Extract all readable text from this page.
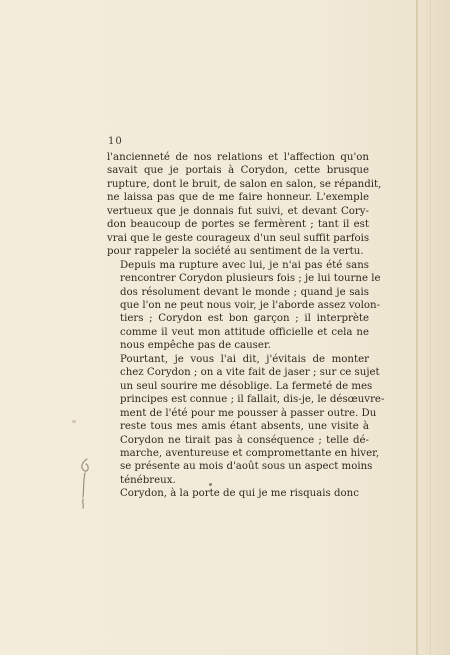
10

l'ancienneté de nos relations et l'affection qu'on
savait que je portais à Corydon, cette brusque
rupture, dont le bruit, de salon en salon, se répandit,
ne laissa pas que de me faire honneur. L'exemple
vertueux que je donnais fut suivi, et devant Cory-
don beaucoup de portes se fermèrent ; tant il est
vrai que le geste courageux d'un seul suffit parfois
pour rappeler la société au sentiment de la vertu.

Depuis ma rupture avec lui, je n'ai pas été sans
rencontrer Corydon plusieurs fois ; je lui tourne le
dos résolument devant le monde ; quand je sais
que l'on ne peut nous voir, je l'aborde assez volon-
tiers ; Corydon est bon garçon ; il interprète
comme il veut mon attitude officielle et cela ne
nous empêche pas de causer.

Pourtant, je vous l'ai dit, j'évitais de monter
chez Corydon ; on a vite fait de jaser ; sur ce sujet
un seul sourire me désoblige. La fermeté de mes
principes est connue ; il fallait, dis-je, le désœuvre-
ment de l'été pour me pousser à passer outre. Du
reste tous mes amis étant absents, une visite à
Corydon ne tirait pas à conséquence ; telle dé-
marche, aventureuse et compromettante en hiver,
se présente au mois d'août sous un aspect moins
ténébreux.

Corydon, à la porte de qui je me risquais donc
